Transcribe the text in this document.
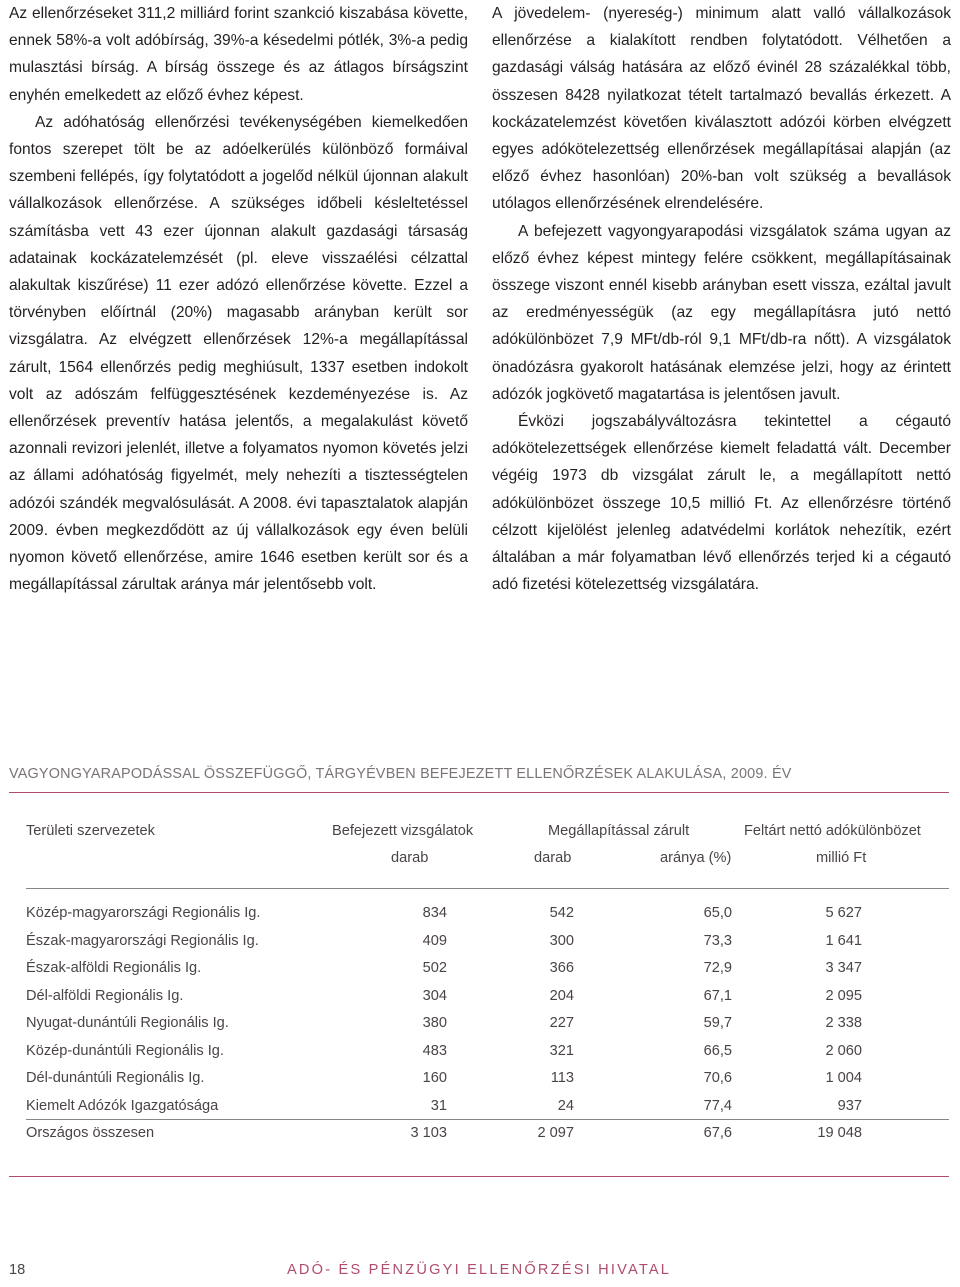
Az ellenőrzéseket 311,2 milliárd forint szankció kiszabása követte, ennek 58%-a volt adóbírság, 39%-a késedelmi pótlék, 3%-a pedig mulasztási bírság. A bírság összege és az átlagos bírságszint enyhén emelkedett az előző évhez képest.

Az adóhatóság ellenőrzési tevékenységében kiemelkedően fontos szerepet tölt be az adóelkerülés különböző formáival szembeni fellépés, így folytatódott a jogelőd nélkül újonnan alakult vállalkozások ellenőrzése. A szükséges időbeli késleltetéssel számításba vett 43 ezer újonnan alakult gazdasági társaság adatainak kockázatelemzését (pl. eleve visszaélési célzattal alakultak kiszűrése) 11 ezer adózó ellenőrzése követte. Ezzel a törvényben előírtnál (20%) magasabb arányban került sor vizsgálatra. Az elvégzett ellenőrzések 12%-a megállapítással zárult, 1564 ellenőrzés pedig meghiúsult, 1337 esetben indokolt volt az adószám felfüggesztésének kezdeményezése is. Az ellenőrzések preventív hatása jelentős, a megalakulást követő azonnali revizori jelenlét, illetve a folyamatos nyomon követés jelzi az állami adóhatóság figyelmét, mely nehezíti a tisztességtelen adózói szándék megvalósulását. A 2008. évi tapasztalatok alapján 2009. évben megkezdődött az új vállalkozások egy éven belüli nyomon követő ellenőrzése, amire 1646 esetben került sor és a megállapítással zárultak aránya már jelentősebb volt.

A jövedelem- (nyereség-) minimum alatt valló vállalkozások ellenőrzése a kialakított rendben folytatódott. Vélhetően a gazdasági válság hatására az előző évinél 28 százalékkal több, összesen 8428 nyilatkozat tételt tartalmazó bevallás érkezett. A kockázatelemzést követően kiválasztott adózói körben elvégzett egyes adókötelezettség ellenőrzések megállapításai alapján (az előző évhez hasonlóan) 20%-ban volt szükség a bevallások utólagos ellenőrzésének elrendelésére.

A befejezett vagyongyarapodási vizsgálatok száma ugyan az előző évhez képest mintegy felére csökkent, megállapításainak összege viszont ennél kisebb arányban esett vissza, ezáltal javult az eredményességük (az egy megállapításra jutó nettó adókülönbözet 7,9 MFt/db-ról 9,1 MFt/db-ra nőtt). A vizsgálatok önadózásra gyakorolt hatásának elemzése jelzi, hogy az érintett adózók jogkövető magatartása is jelentősen javult.

Évközi jogszabályváltozásra tekintettel a cégautó adókötelezettségek ellenőrzése kiemelt feladattá vált. December végéig 1973 db vizsgálat zárult le, a megállapított nettó adókülönbözet összege 10,5 millió Ft. Az ellenőrzésre történő célzott kijelölést jelenleg adatvédelmi korlátok nehezítik, ezért általában a már folyamatban lévő ellenőrzés terjed ki a cégautó adó fizetési kötelezettség vizsgálatára.

VAGYONGYARAPODÁSSAL ÖSSZEFÜGGŐ, TÁRGYÉVBEN BEFEJEZETT ELLENŐRZÉSEK ALAKULÁSA, 2009. ÉV
Területi szervezetek	Befejezett vizsgálatok	Megállapítással zárult	Feltárt nettó adókülönbözet
darab	darab	aránya (%)	millió Ft
Közép-magyarországi Regionális Ig.	834	542	65,0	5 627
Észak-magyarországi Regionális Ig.	409	300	73,3	1 641
Észak-alföldi Regionális Ig.	502	366	72,9	3 347
Dél-alföldi Regionális Ig.	304	204	67,1	2 095
Nyugat-dunántúli Regionális Ig.	380	227	59,7	2 338
Közép-dunántúli Regionális Ig.	483	321	66,5	2 060
Dél-dunántúli Regionális Ig.	160	113	70,6	1 004
Kiemelt Adózók Igazgatósága	31	24	77,4	937
Országos összesen	3 103	2 097	67,6	19 048
18	ADÓ- ÉS PÉNZÜGYI ELLENŐRZÉSI HIVATAL
